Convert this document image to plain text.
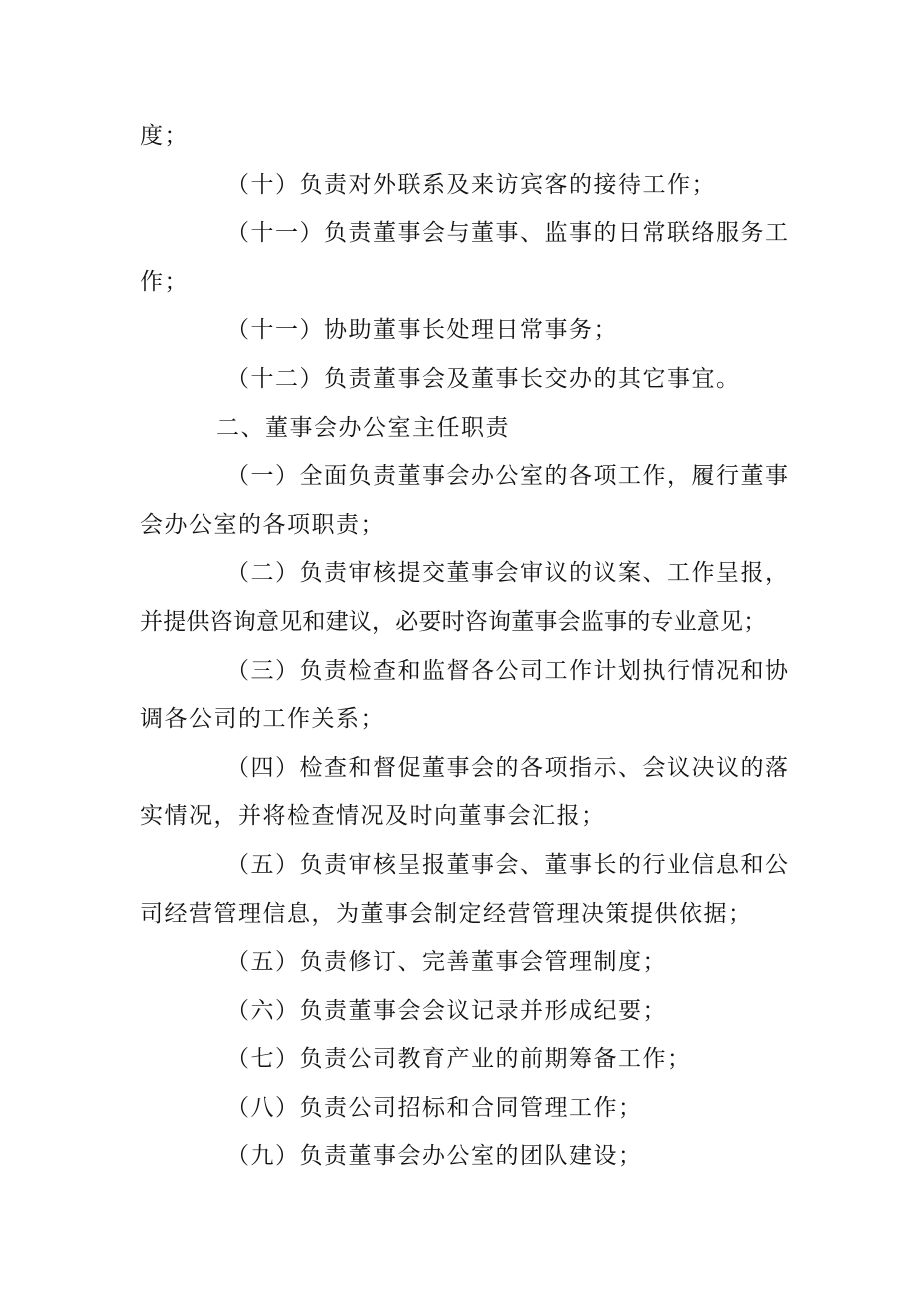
度；

（十）负责对外联系及来访宾客的接待工作；

（十一）负责董事会与董事、监事的日常联络服务工

作；

（十一）协助董事长处理日常事务；

（十二）负责董事会及董事长交办的其它事宜。

二、董事会办公室主任职责

（一）全面负责董事会办公室的各项工作，履行董事

会办公室的各项职责；

（二）负责审核提交董事会审议的议案、工作呈报，

并提供咨询意见和建议，必要时咨询董事会监事的专业意见；

（三）负责检查和监督各公司工作计划执行情况和协

调各公司的工作关系；

（四）检查和督促董事会的各项指示、会议决议的落

实情况，并将检查情况及时向董事会汇报；

（五）负责审核呈报董事会、董事长的行业信息和公

司经营管理信息，为董事会制定经营管理决策提供依据；

（五）负责修订、完善董事会管理制度；

（六）负责董事会会议记录并形成纪要；

（七）负责公司教育产业的前期筹备工作；

（八）负责公司招标和合同管理工作；

（九）负责董事会办公室的团队建设；
